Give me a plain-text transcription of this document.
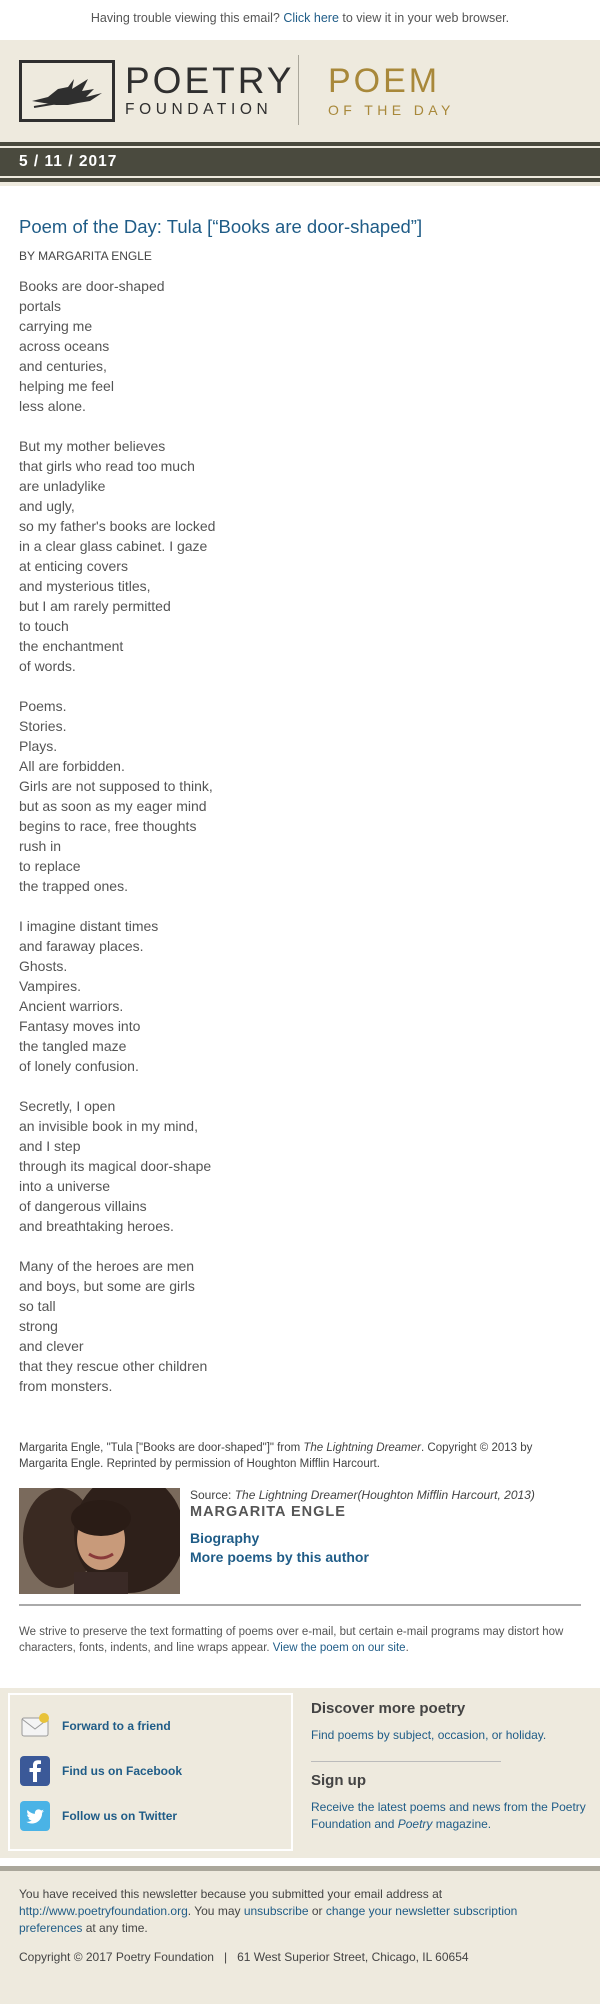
Having trouble viewing this email? Click here to view it in your web browser.
POETRY
FOUNDATION
POEM
OF THE DAY
5 / 11 / 2017
Poem of the Day: Tula [“Books are door-shaped”]
BY MARGARITA ENGLE
Books are door-shaped
portals
carrying me
across oceans
and centuries,
helping me feel
less alone.
But my mother believes
that girls who read too much
are unladylike
and ugly,
so my father's books are locked
in a clear glass cabinet. I gaze
at enticing covers
and mysterious titles,
but I am rarely permitted
to touch
the enchantment
of words.
Poems.
Stories.
Plays.
All are forbidden.
Girls are not supposed to think,
but as soon as my eager mind
begins to race, free thoughts
rush in
to replace
the trapped ones.
I imagine distant times
and faraway places.
Ghosts.
Vampires.
Ancient warriors.
Fantasy moves into
the tangled maze
of lonely confusion.
Secretly, I open
an invisible book in my mind,
and I step
through its magical door-shape
into a universe
of dangerous villains
and breathtaking heroes.
Many of the heroes are men
and boys, but some are girls
so tall
strong
and clever
that they rescue other children
from monsters.
Margarita Engle, "Tula ["Books are door-shaped"]" from The Lightning Dreamer. Copyright © 2013 by Margarita Engle. Reprinted by permission of Houghton Mifflin Harcourt.
Source: The Lightning Dreamer(Houghton Mifflin Harcourt, 2013)
MARGARITA ENGLE
Biography
More poems by this author
We strive to preserve the text formatting of poems over e-mail, but certain e-mail programs may distort how characters, fonts, indents, and line wraps appear. View the poem on our site.
Forward to a friend
Find us on Facebook
Follow us on Twitter
Discover more poetry
Find poems by subject, occasion, or holiday.
Sign up
Receive the latest poems and news from the Poetry Foundation and Poetry magazine.
You have received this newsletter because you submitted your email address at http://www.poetryfoundation.org. You may unsubscribe or change your newsletter subscription preferences at any time.
Copyright © 2017 Poetry Foundation   |   61 West Superior Street, Chicago, IL 60654
